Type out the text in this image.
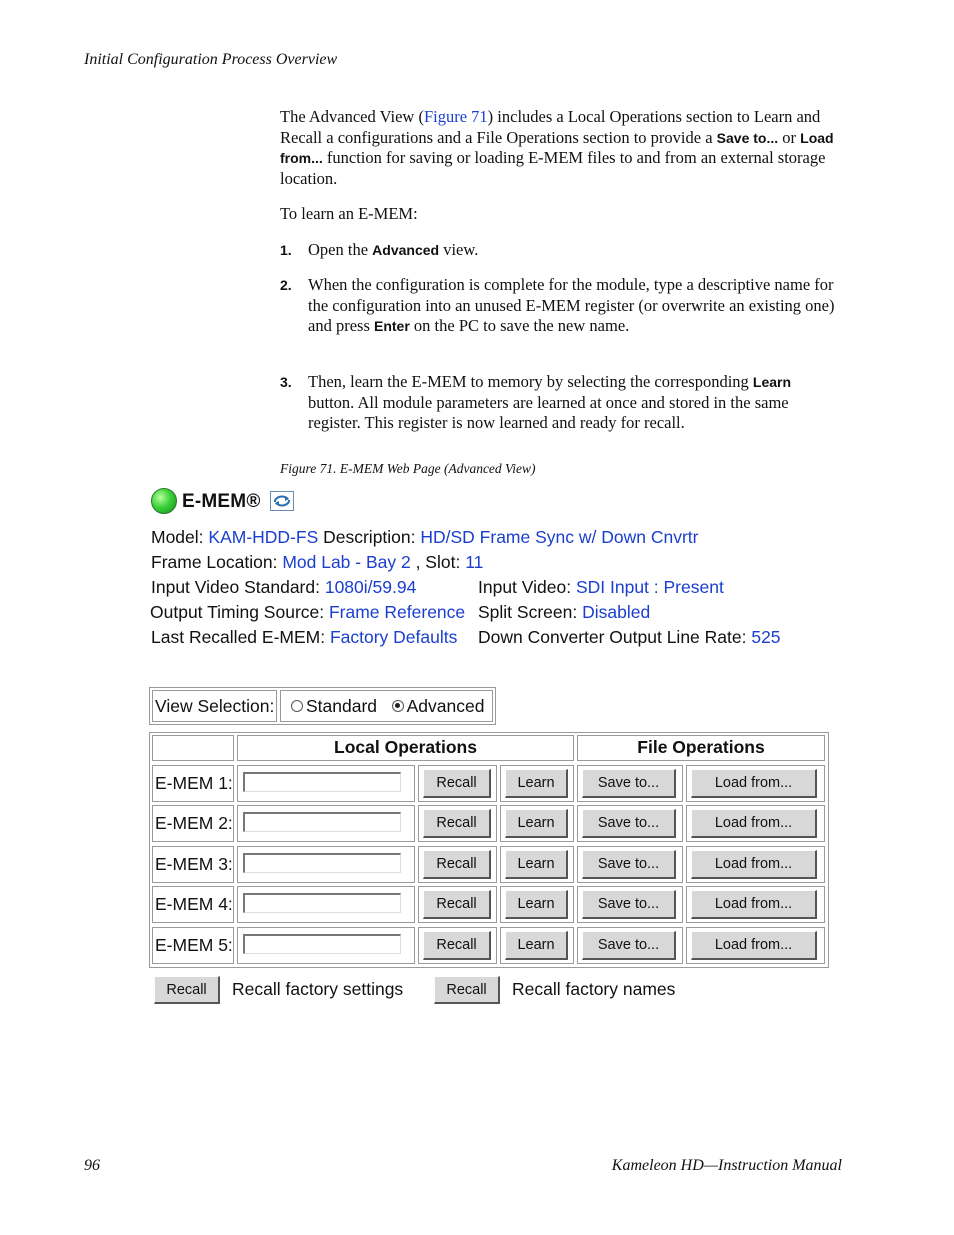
Initial Configuration Process Overview
The Advanced View (Figure 71) includes a Local Operations section to Learn and Recall a configurations and a File Operations section to provide a Save to... or Load from... function for saving or loading E-MEM files to and from an external storage location.
To learn an E-MEM:
1. Open the Advanced view.
2. When the configuration is complete for the module, type a descriptive name for the configuration into an unused E-MEM register (or overwrite an existing one) and press Enter on the PC to save the new name.
3. Then, learn the E-MEM to memory by selecting the corresponding Learn button. All module parameters are learned at once and stored in the same register. This register is now learned and ready for recall.
Figure 71. E-MEM Web Page (Advanced View)
E-MEM®
Model: KAM-HDD-FS Description: HD/SD Frame Sync w/ Down Cnvrtr
Frame Location: Mod Lab - Bay 2 , Slot: 11
Input Video Standard: 1080i/59.94	Input Video: SDI Input : Present
Output Timing Source: Frame Reference Split Screen: Disabled
Last Recalled E-MEM: Factory Defaults Down Converter Output Line Rate: 525
View Selection:	Standard Advanced
Local Operations	File Operations
E-MEM 1:	Recall	Learn	Save to...	Load from...
E-MEM 2:	Recall	Learn	Save to...	Load from...
E-MEM 3:	Recall	Learn	Save to...	Load from...
E-MEM 4:	Recall	Learn	Save to...	Load from...
E-MEM 5:	Recall	Learn	Save to...	Load from...
Recall	Recall factory settings	Recall	Recall factory names
96	Kameleon HD—Instruction Manual
